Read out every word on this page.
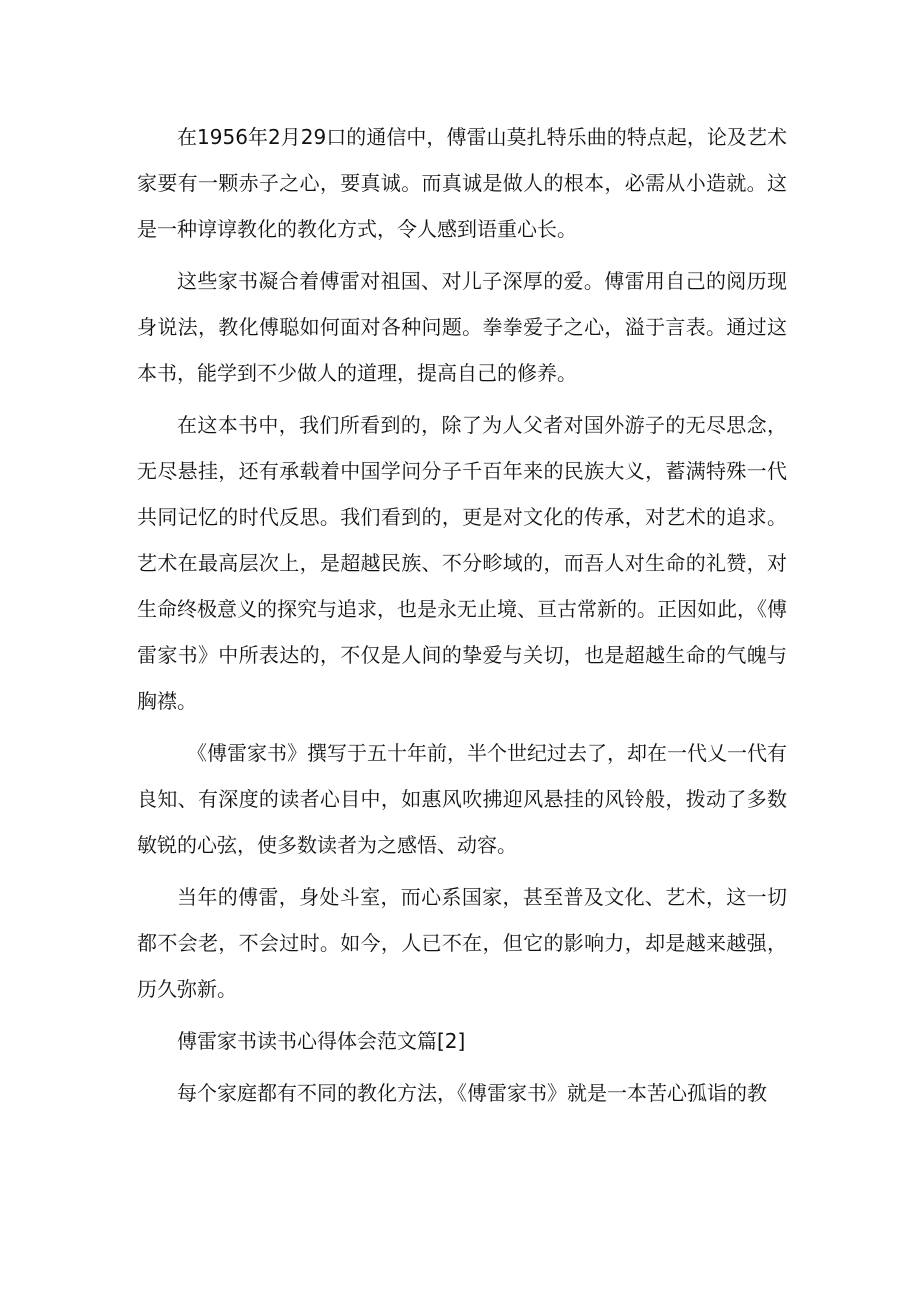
在1956年2月29口的通信中，傅雷山莫扎特乐曲的特点起，论及艺术家要有一颗赤子之心，要真诚。而真诚是做人的根本，必需从小造就。这是一种谆谆教化的教化方式，令人感到语重心长。

这些家书凝合着傅雷对祖国、对儿子深厚的爱。傅雷用自己的阅历现身说法，教化傅聪如何面对各种问题。拳拳爱子之心，溢于言表。通过这本书，能学到不少做人的道理，提高自己的修养。

在这本书中，我们所看到的，除了为人父者对国外游子的无尽思念，无尽悬挂，还有承载着中国学问分子千百年来的民族大义，蓄满特殊一代共同记忆的时代反思。我们看到的，更是对文化的传承，对艺术的追求。艺术在最高层次上，是超越民族、不分畛域的，而吾人对生命的礼赞，对生命终极意义的探究与追求，也是永无止境、亘古常新的。正因如此，《傅雷家书》中所表达的，不仅是人间的挚爱与关切，也是超越生命的气魄与胸襟。

《傅雷家书》撰写于五十年前，半个世纪过去了，却在一代乂一代有良知、有深度的读者心目中，如惠风吹拂迎风悬挂的风铃般，拨动了多数敏锐的心弦，使多数读者为之感悟、动容。

当年的傅雷，身处斗室，而心系国家，甚至普及文化、艺术，这一切都不会老，不会过时。如今，人已不在，但它的影响力，却是越来越强，历久弥新。

傅雷家书读书心得体会范文篇[2]

每个家庭都有不同的教化方法，《傅雷家书》就是一本苦心孤诣的教
